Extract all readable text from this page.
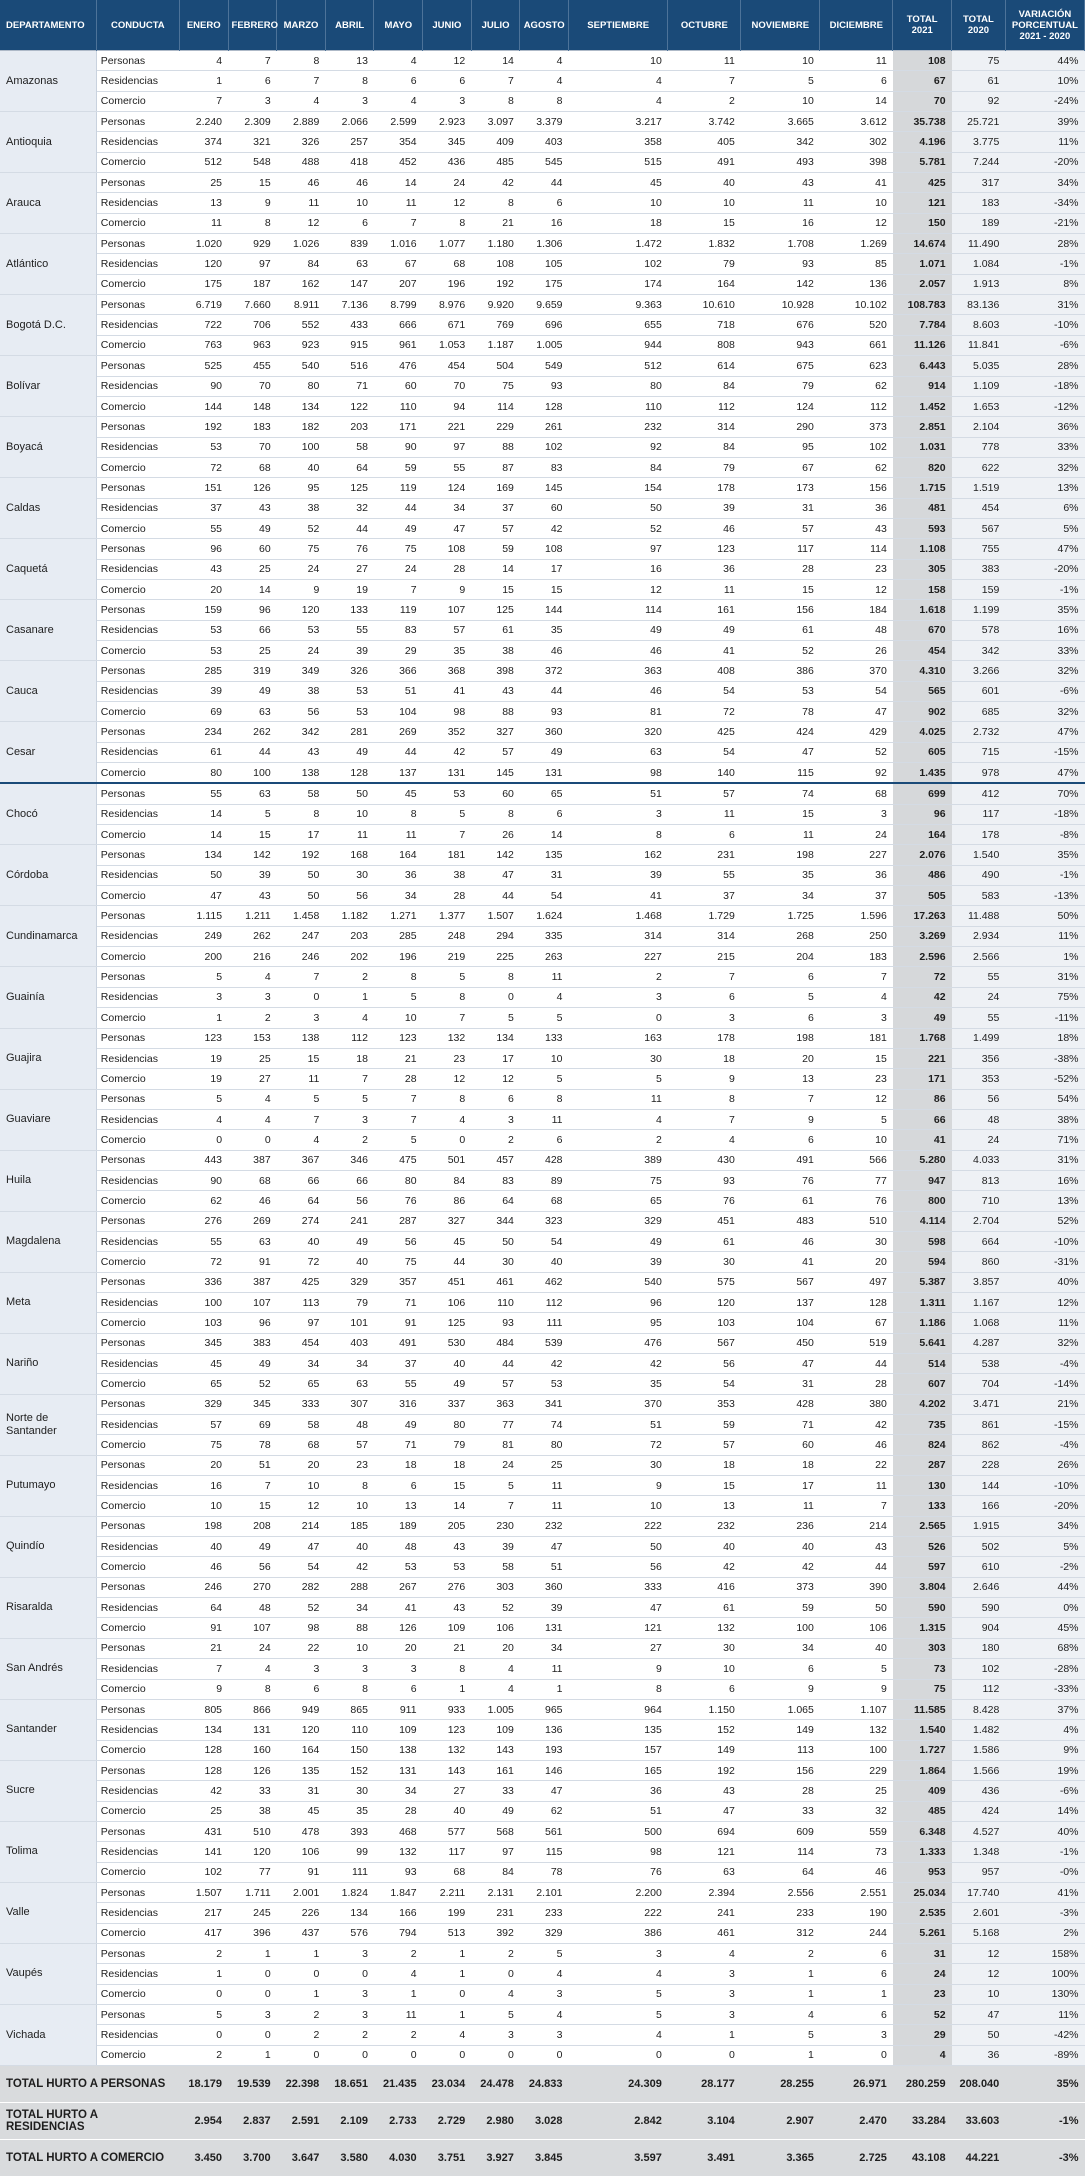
DEPARTAMENTO	CONDUCTA	ENERO	FEBRERO	MARZO	ABRIL	MAYO	JUNIO	JULIO	AGOSTO	SEPTIEMBRE	OCTUBRE	NOVIEMBRE	DICIEMBRE	TOTAL 2021	TOTAL 2020	VARIACIÓN PORCENTUAL 2021 - 2020
Amazonas	Personas	4	7	8	13	4	12	14	4	10	11	10	11	108	75	44%
	Residencias	1	6	7	8	6	6	7	4	4	7	5	6	67	61	10%
	Comercio	7	3	4	3	4	3	8	8	4	2	10	14	70	92	-24%
Antioquia	Personas	2.240	2.309	2.889	2.066	2.599	2.923	3.097	3.379	3.217	3.742	3.665	3.612	35.738	25.721	39%
	Residencias	374	321	326	257	354	345	409	403	358	405	342	302	4.196	3.775	11%
	Comercio	512	548	488	418	452	436	485	545	515	491	493	398	5.781	7.244	-20%
Arauca	Personas	25	15	46	46	14	24	42	44	45	40	43	41	425	317	34%
	Residencias	13	9	11	10	11	12	8	6	10	10	11	10	121	183	-34%
	Comercio	11	8	12	6	7	8	21	16	18	15	16	12	150	189	-21%
Atlántico	Personas	1.020	929	1.026	839	1.016	1.077	1.180	1.306	1.472	1.832	1.708	1.269	14.674	11.490	28%
	Residencias	120	97	84	63	67	68	108	105	102	79	93	85	1.071	1.084	-1%
	Comercio	175	187	162	147	207	196	192	175	174	164	142	136	2.057	1.913	8%
Bogotá D.C.	Personas	6.719	7.660	8.911	7.136	8.799	8.976	9.920	9.659	9.363	10.610	10.928	10.102	108.783	83.136	31%
	Residencias	722	706	552	433	666	671	769	696	655	718	676	520	7.784	8.603	-10%
	Comercio	763	963	923	915	961	1.053	1.187	1.005	944	808	943	661	11.126	11.841	-6%
Bolívar	Personas	525	455	540	516	476	454	504	549	512	614	675	623	6.443	5.035	28%
	Residencias	90	70	80	71	60	70	75	93	80	84	79	62	914	1.109	-18%
	Comercio	144	148	134	122	110	94	114	128	110	112	124	112	1.452	1.653	-12%
Boyacá	Personas	192	183	182	203	171	221	229	261	232	314	290	373	2.851	2.104	36%
	Residencias	53	70	100	58	90	97	88	102	92	84	95	102	1.031	778	33%
	Comercio	72	68	40	64	59	55	87	83	84	79	67	62	820	622	32%
Caldas	Personas	151	126	95	125	119	124	169	145	154	178	173	156	1.715	1.519	13%
	Residencias	37	43	38	32	44	34	37	60	50	39	31	36	481	454	6%
	Comercio	55	49	52	44	49	47	57	42	52	46	57	43	593	567	5%
Caquetá	Personas	96	60	75	76	75	108	59	108	97	123	117	114	1.108	755	47%
	Residencias	43	25	24	27	24	28	14	17	16	36	28	23	305	383	-20%
	Comercio	20	14	9	19	7	9	15	15	12	11	15	12	158	159	-1%
Casanare	Personas	159	96	120	133	119	107	125	144	114	161	156	184	1.618	1.199	35%
	Residencias	53	66	53	55	83	57	61	35	49	49	61	48	670	578	16%
	Comercio	53	25	24	39	29	35	38	46	46	41	52	26	454	342	33%
Cauca	Personas	285	319	349	326	366	368	398	372	363	408	386	370	4.310	3.266	32%
	Residencias	39	49	38	53	51	41	43	44	46	54	53	54	565	601	-6%
	Comercio	69	63	56	53	104	98	88	93	81	72	78	47	902	685	32%
Cesar	Personas	234	262	342	281	269	352	327	360	320	425	424	429	4.025	2.732	47%
	Residencias	61	44	43	49	44	42	57	49	63	54	47	52	605	715	-15%
	Comercio	80	100	138	128	137	131	145	131	98	140	115	92	1.435	978	47%
Chocó	Personas	55	63	58	50	45	53	60	65	51	57	74	68	699	412	70%
	Residencias	14	5	8	10	8	5	8	6	3	11	15	3	96	117	-18%
	Comercio	14	15	17	11	11	7	26	14	8	6	11	24	164	178	-8%
Córdoba	Personas	134	142	192	168	164	181	142	135	162	231	198	227	2.076	1.540	35%
	Residencias	50	39	50	30	36	38	47	31	39	55	35	36	486	490	-1%
	Comercio	47	43	50	56	34	28	44	54	41	37	34	37	505	583	-13%
Cundinamarca	Personas	1.115	1.211	1.458	1.182	1.271	1.377	1.507	1.624	1.468	1.729	1.725	1.596	17.263	11.488	50%
	Residencias	249	262	247	203	285	248	294	335	314	314	268	250	3.269	2.934	11%
	Comercio	200	216	246	202	196	219	225	263	227	215	204	183	2.596	2.566	1%
Guainía	Personas	5	4	7	2	8	5	8	11	2	7	6	7	72	55	31%
	Residencias	3	3	0	1	5	8	0	4	3	6	5	4	42	24	75%
	Comercio	1	2	3	4	10	7	5	5	0	3	6	3	49	55	-11%
Guajira	Personas	123	153	138	112	123	132	134	133	163	178	198	181	1.768	1.499	18%
	Residencias	19	25	15	18	21	23	17	10	30	18	20	15	221	356	-38%
	Comercio	19	27	11	7	28	12	12	5	5	9	13	23	171	353	-52%
Guaviare	Personas	5	4	5	5	7	8	6	8	11	8	7	12	86	56	54%
	Residencias	4	4	7	3	7	4	3	11	4	7	9	5	66	48	38%
	Comercio	0	0	4	2	5	0	2	6	2	4	6	10	41	24	71%
Huila	Personas	443	387	367	346	475	501	457	428	389	430	491	566	5.280	4.033	31%
	Residencias	90	68	66	66	80	84	83	89	75	93	76	77	947	813	16%
	Comercio	62	46	64	56	76	86	64	68	65	76	61	76	800	710	13%
Magdalena	Personas	276	269	274	241	287	327	344	323	329	451	483	510	4.114	2.704	52%
	Residencias	55	63	40	49	56	45	50	54	49	61	46	30	598	664	-10%
	Comercio	72	91	72	40	75	44	30	40	39	30	41	20	594	860	-31%
Meta	Personas	336	387	425	329	357	451	461	462	540	575	567	497	5.387	3.857	40%
	Residencias	100	107	113	79	71	106	110	112	96	120	137	128	1.311	1.167	12%
	Comercio	103	96	97	101	91	125	93	111	95	103	104	67	1.186	1.068	11%
Nariño	Personas	345	383	454	403	491	530	484	539	476	567	450	519	5.641	4.287	32%
	Residencias	45	49	34	34	37	40	44	42	42	56	47	44	514	538	-4%
	Comercio	65	52	65	63	55	49	57	53	35	54	31	28	607	704	-14%
Norte de Santander	Personas	329	345	333	307	316	337	363	341	370	353	428	380	4.202	3.471	21%
	Residencias	57	69	58	48	49	80	77	74	51	59	71	42	735	861	-15%
	Comercio	75	78	68	57	71	79	81	80	72	57	60	46	824	862	-4%
Putumayo	Personas	20	51	20	23	18	18	24	25	30	18	18	22	287	228	26%
	Residencias	16	7	10	8	6	15	5	11	9	15	17	11	130	144	-10%
	Comercio	10	15	12	10	13	14	7	11	10	13	11	7	133	166	-20%
Quindío	Personas	198	208	214	185	189	205	230	232	222	232	236	214	2.565	1.915	34%
	Residencias	40	49	47	40	48	43	39	47	50	40	40	43	526	502	5%
	Comercio	46	56	54	42	53	53	58	51	56	42	42	44	597	610	-2%
Risaralda	Personas	246	270	282	288	267	276	303	360	333	416	373	390	3.804	2.646	44%
	Residencias	64	48	52	34	41	43	52	39	47	61	59	50	590	590	0%
	Comercio	91	107	98	88	126	109	106	131	121	132	100	106	1.315	904	45%
San Andrés	Personas	21	24	22	10	20	21	20	34	27	30	34	40	303	180	68%
	Residencias	7	4	3	3	3	8	4	11	9	10	6	5	73	102	-28%
	Comercio	9	8	6	8	6	1	4	1	8	6	9	9	75	112	-33%
Santander	Personas	805	866	949	865	911	933	1.005	965	964	1.150	1.065	1.107	11.585	8.428	37%
	Residencias	134	131	120	110	109	123	109	136	135	152	149	132	1.540	1.482	4%
	Comercio	128	160	164	150	138	132	143	193	157	149	113	100	1.727	1.586	9%
Sucre	Personas	128	126	135	152	131	143	161	146	165	192	156	229	1.864	1.566	19%
	Residencias	42	33	31	30	34	27	33	47	36	43	28	25	409	436	-6%
	Comercio	25	38	45	35	28	40	49	62	51	47	33	32	485	424	14%
Tolima	Personas	431	510	478	393	468	577	568	561	500	694	609	559	6.348	4.527	40%
	Residencias	141	120	106	99	132	117	97	115	98	121	114	73	1.333	1.348	-1%
	Comercio	102	77	91	111	93	68	84	78	76	63	64	46	953	957	-0%
Valle	Personas	1.507	1.711	2.001	1.824	1.847	2.211	2.131	2.101	2.200	2.394	2.556	2.551	25.034	17.740	41%
	Residencias	217	245	226	134	166	199	231	233	222	241	233	190	2.535	2.601	-3%
	Comercio	417	396	437	576	794	513	392	329	386	461	312	244	5.261	5.168	2%
Vaupés	Personas	2	1	1	3	2	1	2	5	3	4	2	6	31	12	158%
	Residencias	1	0	0	0	4	1	0	4	4	3	1	6	24	12	100%
	Comercio	0	0	1	3	1	0	4	3	5	3	1	1	23	10	130%
Vichada	Personas	5	3	2	3	11	1	5	4	5	3	4	6	52	47	11%
	Residencias	0	0	2	2	2	4	3	3	4	1	5	3	29	50	-42%
	Comercio	2	1	0	0	0	0	0	0	0	0	1	0	4	36	-89%
TOTAL HURTO A PERSONAS		18.179	19.539	22.398	18.651	21.435	23.034	24.478	24.833	24.309	28.177	28.255	26.971	280.259	208.040	35%
TOTAL HURTO A RESIDENCIAS		2.954	2.837	2.591	2.109	2.733	2.729	2.980	3.028	2.842	3.104	2.907	2.470	33.284	33.603	-1%
TOTAL HURTO A COMERCIO		3.450	3.700	3.647	3.580	4.030	3.751	3.927	3.845	3.597	3.491	3.365	2.725	43.108	44.221	-3%
